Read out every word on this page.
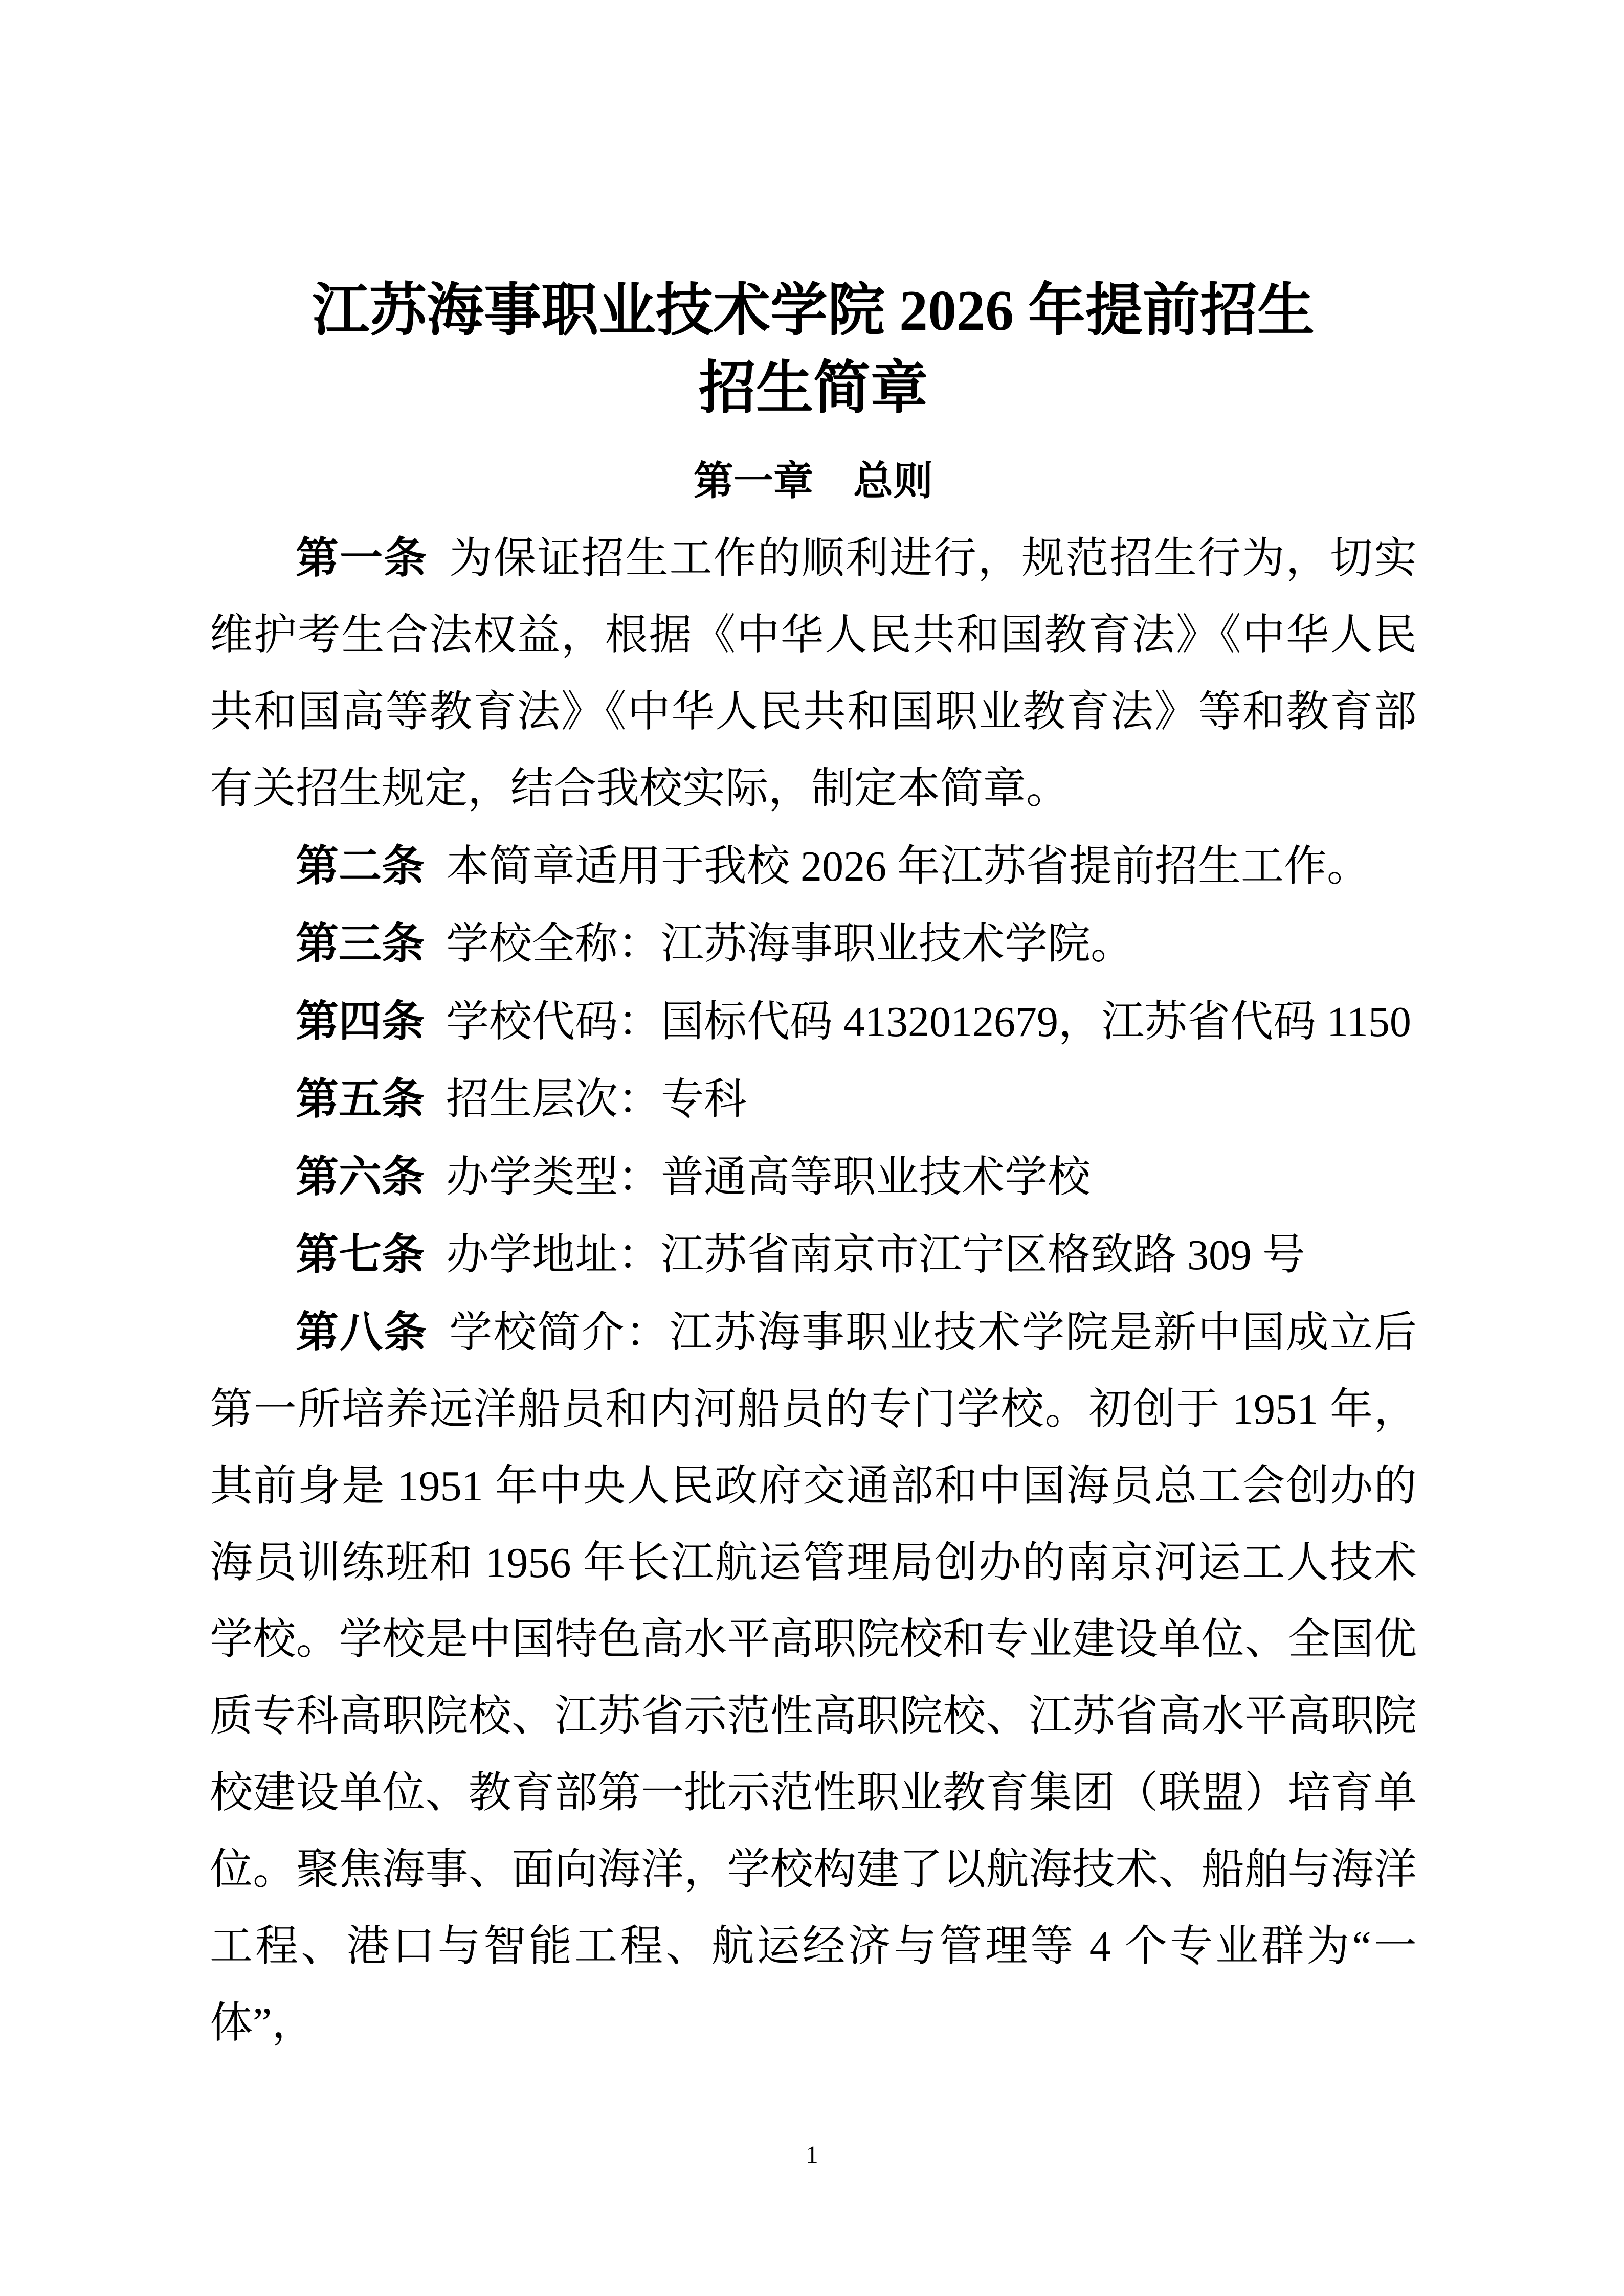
江苏海事职业技术学院 2026 年提前招生
招生简章
第一章　总则

第一条 为保证招生工作的顺利进行，规范招生行为，切实维护考生合法权益，根据《中华人民共和国教育法》《中华人民共和国高等教育法》《中华人民共和国职业教育法》等和教育部有关招生规定，结合我校实际，制定本简章。

第二条 本简章适用于我校 2026 年江苏省提前招生工作。

第三条 学校全称：江苏海事职业技术学院。

第四条 学校代码：国标代码 4132012679，江苏省代码 1150

第五条 招生层次：专科

第六条 办学类型：普通高等职业技术学校

第七条 办学地址：江苏省南京市江宁区格致路 309 号

第八条 学校简介：江苏海事职业技术学院是新中国成立后第一所培养远洋船员和内河船员的专门学校。初创于 1951 年，其前身是 1951 年中央人民政府交通部和中国海员总工会创办的海员训练班和 1956 年长江航运管理局创办的南京河运工人技术学校。学校是中国特色高水平高职院校和专业建设单位、全国优质专科高职院校、江苏省示范性高职院校、江苏省高水平高职院校建设单位、教育部第一批示范性职业教育集团（联盟）培育单位。聚焦海事、面向海洋，学校构建了以航海技术、船舶与海洋工程、港口与智能工程、航运经济与管理等 4 个专业群为“一体”，

1
